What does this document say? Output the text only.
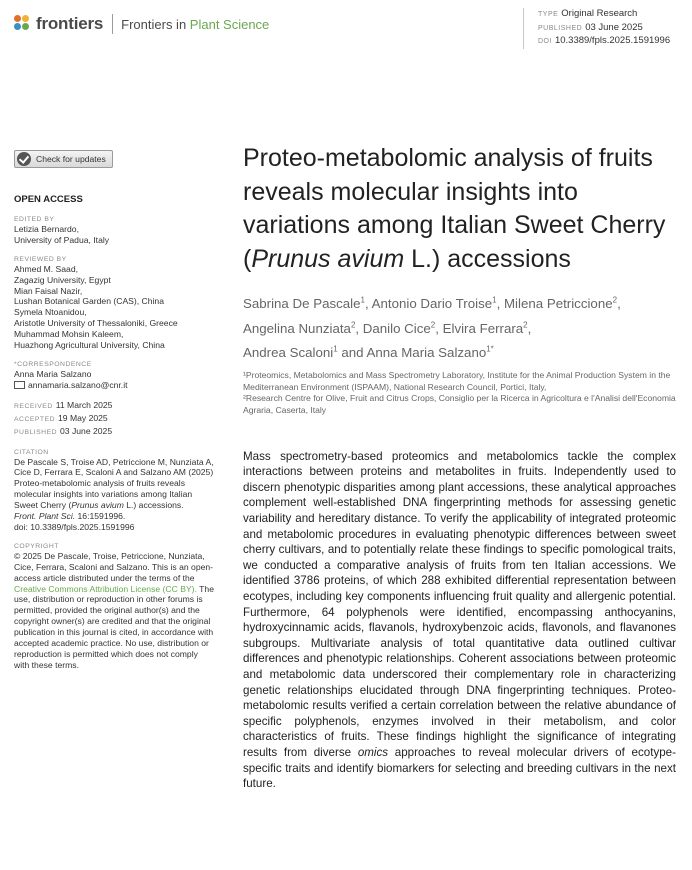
frontiers Frontiers in Plant Science
TYPE Original Research
PUBLISHED 03 June 2025
DOI 10.3389/fpls.2025.1591996
Check for updates
OPEN ACCESS
EDITED BY
Letizia Bernardo,
University of Padua, Italy
REVIEWED BY
Ahmed M. Saad,
Zagazig University, Egypt
Mian Faisal Nazir,
Lushan Botanical Garden (CAS), China
Symela Ntoanidou,
Aristotle University of Thessaloniki, Greece
Muhammad Mohsin Kaleem,
Huazhong Agricultural University, China
*CORRESPONDENCE
Anna Maria Salzano
annamaria.salzano@cnr.it
RECEIVED 11 March 2025
ACCEPTED 19 May 2025
PUBLISHED 03 June 2025
CITATION
De Pascale S, Troise AD, Petriccione M, Nunziata A, Cice D, Ferrara E, Scaloni A and Salzano AM (2025) Proteo-metabolomic analysis of fruits reveals molecular insights into variations among Italian Sweet Cherry (Prunus avium L.) accessions.
Front. Plant Sci. 16:1591996.
doi: 10.3389/fpls.2025.1591996
COPYRIGHT
© 2025 De Pascale, Troise, Petriccione, Nunziata, Cice, Ferrara, Scaloni and Salzano. This is an open-access article distributed under the terms of the Creative Commons Attribution License (CC BY). The use, distribution or reproduction in other forums is permitted, provided the original author(s) and the copyright owner(s) are credited and that the original publication in this journal is cited, in accordance with accepted academic practice. No use, distribution or reproduction is permitted which does not comply with these terms.
Proteo-metabolomic analysis of fruits reveals molecular insights into variations among Italian Sweet Cherry (Prunus avium L.) accessions
Sabrina De Pascale$^1$, Antonio Dario Troise$^1$, Milena Petriccione$^2$,
Angelina Nunziata$^2$, Danilo Cice$^2$, Elvira Ferrara$^2$,
Andrea Scaloni$^1$ and Anna Maria Salzano$^{1*}$
¹Proteomics, Metabolomics and Mass Spectrometry Laboratory, Institute for the Animal Production System in the Mediterranean Environment (ISPAAM), National Research Council, Portici, Italy,
²Research Centre for Olive, Fruit and Citrus Crops, Consiglio per la Ricerca in Agricoltura e l'Analisi dell'Economia Agraria, Caserta, Italy
Mass spectrometry-based proteomics and metabolomics tackle the complex interactions between proteins and metabolites in fruits. Independently used to discern phenotypic disparities among plant accessions, these analytical approaches complement well-established DNA fingerprinting methods for assessing genetic variability and hereditary distance. To verify the applicability of integrated proteomic and metabolomic procedures in evaluating phenotypic differences between sweet cherry cultivars, and to potentially relate these findings to specific pomological traits, we conducted a comparative analysis of fruits from ten Italian accessions. We identified 3786 proteins, of which 288 exhibited differential representation between ecotypes, including key components influencing fruit quality and allergenic potential. Furthermore, 64 polyphenols were identified, encompassing anthocyanins, hydroxycinnamic acids, flavanols, hydroxybenzoic acids, flavonols, and flavanones subgroups. Multivariate analysis of total quantitative data outlined cultivar differences and phenotypic relationships. Coherent associations between proteomic and metabolomic data underscored their complementary role in characterizing genetic relationships elucidated through DNA fingerprinting techniques. Proteo-metabolomic results verified a certain correlation between the relative abundance of specific polyphenols, enzymes involved in their metabolism, and color characteristics of fruits. These findings highlight the significance of integrating results from diverse omics approaches to reveal molecular drivers of ecotype-specific traits and identify biomarkers for selecting and breeding cultivars in the next future.
